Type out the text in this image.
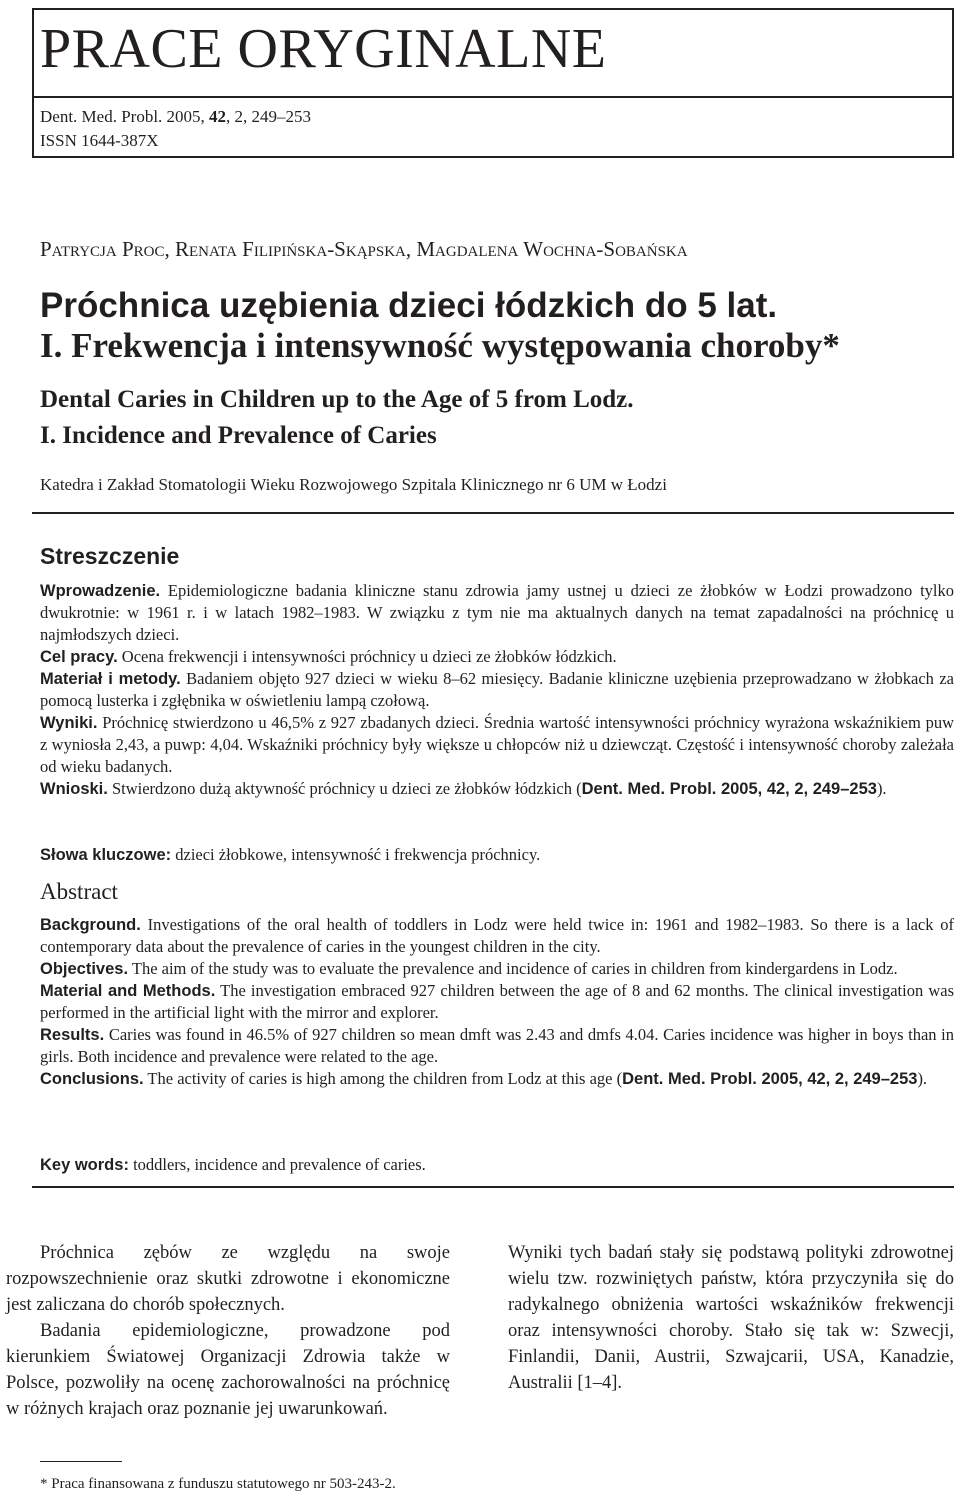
PRACE ORYGINALNE
Dent. Med. Probl. 2005, 42, 2, 249–253
ISSN 1644-387X
Patrycja Proc, Renata Filipińska-Skąpska, Magdalena Wochna-Sobańska
Próchnica uzębienia dzieci łódzkich do 5 lat.
I. Frekwencja i intensywność występowania choroby*
Dental Caries in Children up to the Age of 5 from Lodz.
I. Incidence and Prevalence of Caries
Katedra i Zakład Stomatologii Wieku Rozwojowego Szpitala Klinicznego nr 6 UM w Łodzi
Streszczenie

Wprowadzenie. Epidemiologiczne badania kliniczne stanu zdrowia jamy ustnej u dzieci ze żłobków w Łodzi prowadzono tylko dwukrotnie: w 1961 r. i w latach 1982–1983. W związku z tym nie ma aktualnych danych na temat zapadalności na próchnicę u najmłodszych dzieci.

Cel pracy. Ocena frekwencji i intensywności próchnicy u dzieci ze żłobków łódzkich.

Materiał i metody. Badaniem objęto 927 dzieci w wieku 8–62 miesięcy. Badanie kliniczne uzębienia przeprowadzano w żłobkach za pomocą lusterka i zgłębnika w oświetleniu lampą czołową.

Wyniki. Próchnicę stwierdzono u 46,5% z 927 zbadanych dzieci. Średnia wartość intensywności próchnicy wyrażona wskaźnikiem puw z wyniosła 2,43, a puwp: 4,04. Wskaźniki próchnicy były większe u chłopców niż u dziewcząt. Częstość i intensywność choroby zależała od wieku badanych.

Wnioski. Stwierdzono dużą aktywność próchnicy u dzieci ze żłobków łódzkich (Dent. Med. Probl. 2005, 42, 2, 249–253).

Słowa kluczowe: dzieci żłobkowe, intensywność i frekwencja próchnicy.
Abstract

Background. Investigations of the oral health of toddlers in Lodz were held twice in: 1961 and 1982–1983. So there is a lack of contemporary data about the prevalence of caries in the youngest children in the city.

Objectives. The aim of the study was to evaluate the prevalence and incidence of caries in children from kindergardens in Lodz.

Material and Methods. The investigation embraced 927 children between the age of 8 and 62 months. The clinical investigation was performed in the artificial light with the mirror and explorer.

Results. Caries was found in 46.5% of 927 children so mean dmft was 2.43 and dmfs 4.04. Caries incidence was higher in boys than in girls. Both incidence and prevalence were related to the age.

Conclusions. The activity of caries is high among the children from Lodz at this age (Dent. Med. Probl. 2005, 42, 2, 249–253).

Key words: toddlers, incidence and prevalence of caries.

Próchnica zębów ze względu na swoje rozpowszechnienie oraz skutki zdrowotne i ekonomiczne jest zaliczana do chorób społecznych.

Badania epidemiologiczne, prowadzone pod kierunkiem Światowej Organizacji Zdrowia także w Polsce, pozwoliły na ocenę zachorowalności na próchnicę w różnych krajach oraz poznanie jej uwarunkowań.

Wyniki tych badań stały się podstawą polityki zdrowotnej wielu tzw. rozwiniętych państw, która przyczyniła się do radykalnego obniżenia wartości wskaźników frekwencji oraz intensywności choroby. Stało się tak w: Szwecji, Finlandii, Danii, Austrii, Szwajcarii, USA, Kanadzie, Australii [1–4].

* Praca finansowana z funduszu statutowego nr 503-243-2.
